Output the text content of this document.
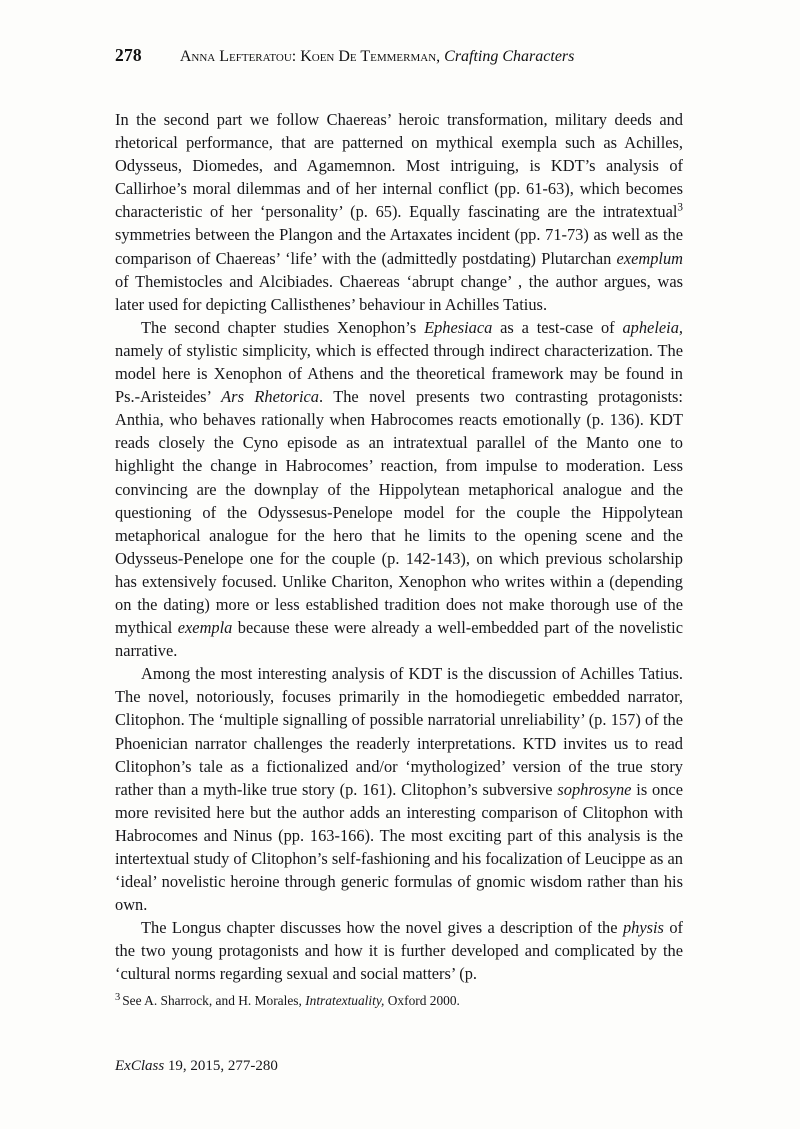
278 Anna Lefteratou: Koen De Temmerman, Crafting Characters

In the second part we follow Chaereas’ heroic transformation, military deeds and rhetorical performance, that are patterned on mythical exempla such as Achilles, Odysseus, Diomedes, and Agamemnon. Most intriguing, is KDT’s analysis of Callirhoe’s moral dilemmas and of her internal conflict (pp. 61-63), which becomes characteristic of her ‘personality’ (p. 65). Equally fascinating are the intratextual$^3$ symmetries between the Plangon and the Artaxates incident (pp. 71-73) as well as the comparison of Chaereas’ ‘life’ with the (admittedly postdating) Plutarchan exemplum of Themistocles and Alcibiades. Chaereas ‘abrupt change’ , the author argues, was later used for depicting Callisthenes’ behaviour in Achilles Tatius.

The second chapter studies Xenophon’s Ephesiaca as a test-case of apheleia, namely of stylistic simplicity, which is effected through indirect characterization. The model here is Xenophon of Athens and the theoretical framework may be found in Ps.-Aristeides’ Ars Rhetorica. The novel presents two contrasting protagonists: Anthia, who behaves rationally when Habrocomes reacts emotionally (p. 136). KDT reads closely the Cyno episode as an intratextual parallel of the Manto one to highlight the change in Habrocomes’ reaction, from impulse to moderation. Less convincing are the downplay of the Hippolytean metaphorical analogue and the questioning of the Odyssesus-Penelope model for the couple the Hippolytean metaphorical analogue for the hero that he limits to the opening scene and the Odysseus-Penelope one for the couple (p. 142-143), on which previous scholarship has extensively focused. Unlike Chariton, Xenophon who writes within a (depending on the dating) more or less established tradition does not make thorough use of the mythical exempla because these were already a well-embedded part of the novelistic narrative.

Among the most interesting analysis of KDT is the discussion of Achilles Tatius. The novel, notoriously, focuses primarily in the homodiegetic embedded narrator, Clitophon. The ‘multiple signalling of possible narratorial unreliability’ (p. 157) of the Phoenician narrator challenges the readerly interpretations. KTD invites us to read Clitophon’s tale as a fictionalized and/or ‘mythologized’ version of the true story rather than a myth-like true story (p. 161). Clitophon’s subversive sophrosyne is once more revisited here but the author adds an interesting comparison of Clitophon with Habrocomes and Ninus (pp. 163-166). The most exciting part of this analysis is the intertextual study of Clitophon’s self-fashioning and his focalization of Leucippe as an ‘ideal’ novelistic heroine through generic formulas of gnomic wisdom rather than his own.

The Longus chapter discusses how the novel gives a description of the physis of the two young protagonists and how it is further developed and complicated by the ‘cultural norms regarding sexual and social matters’ (p.

$^3$ See A. Sharrock, and H. Morales, Intratextuality, Oxford 2000.
ExClass 19, 2015, 277-280
